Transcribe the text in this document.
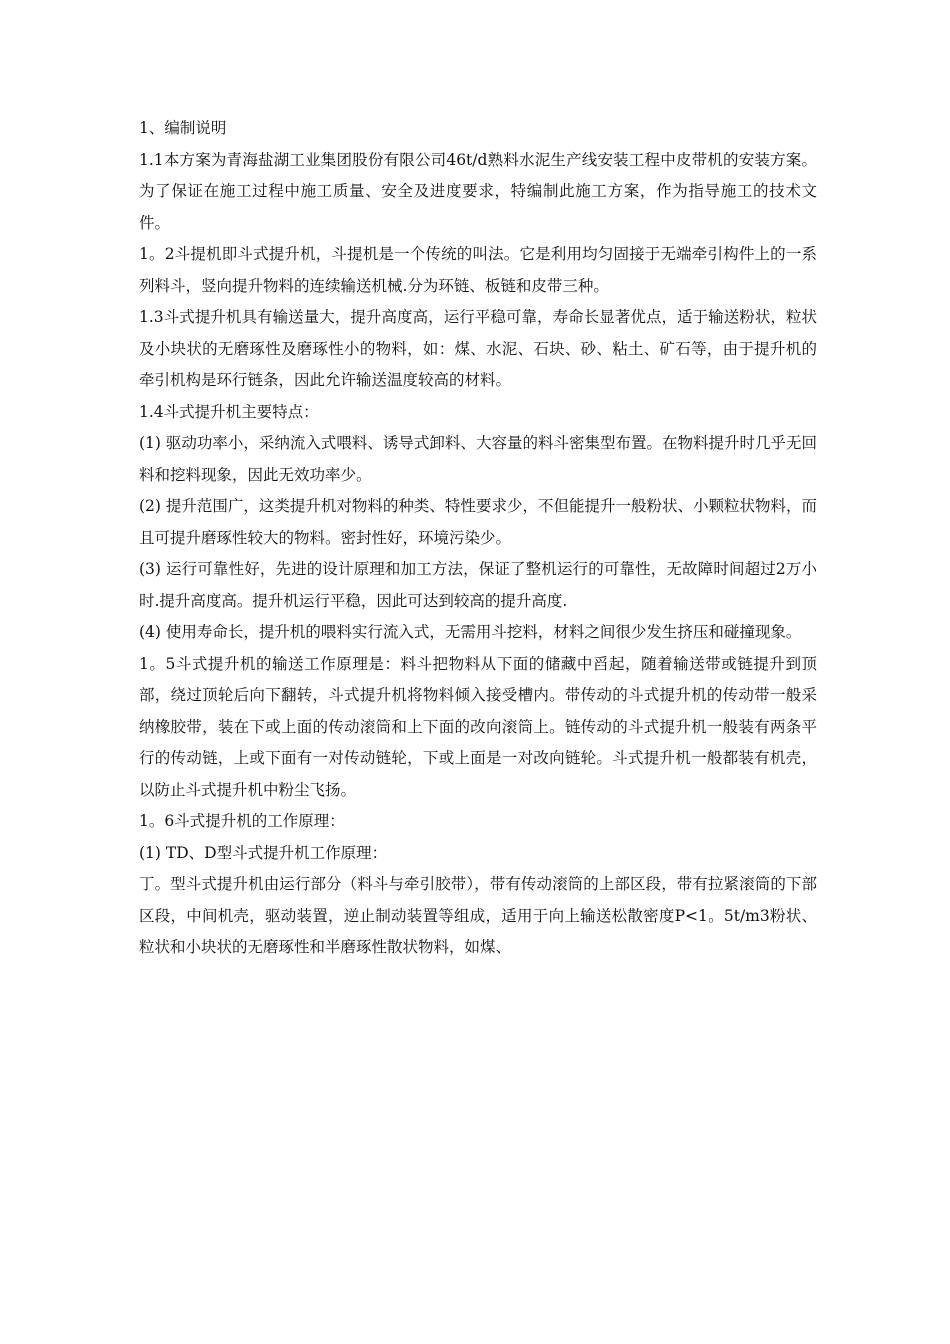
1、编制说明

1.1本方案为青海盐湖工业集团股份有限公司46t/d熟料水泥生产线安装工程中皮带机的安装方案。为了保证在施工过程中施工质量、安全及进度要求，特编制此施工方案，作为指导施工的技术文件。

1。2斗提机即斗式提升机，斗提机是一个传统的叫法。它是利用均匀固接于无端牵引构件上的一系列料斗，竖向提升物料的连续输送机械.分为环链、板链和皮带三种。

1.3斗式提升机具有输送量大，提升高度高，运行平稳可靠，寿命长显著优点，适于输送粉状，粒状及小块状的无磨琢性及磨琢性小的物料，如：煤、水泥、石块、砂、粘土、矿石等，由于提升机的牵引机构是环行链条，因此允许输送温度较高的材料。

1.4斗式提升机主要特点：

(1) 驱动功率小，采纳流入式喂料、诱导式卸料、大容量的料斗密集型布置。在物料提升时几乎无回料和挖料现象，因此无效功率少。

(2) 提升范围广，这类提升机对物料的种类、特性要求少，不但能提升一般粉状、小颗粒状物料，而且可提升磨琢性较大的物料。密封性好，环境污染少。

(3) 运行可靠性好，先进的设计原理和加工方法，保证了整机运行的可靠性，无故障时间超过2万小时.提升高度高。提升机运行平稳，因此可达到较高的提升高度.

(4) 使用寿命长，提升机的喂料实行流入式，无需用斗挖料，材料之间很少发生挤压和碰撞现象。

1。5斗式提升机的输送工作原理是：料斗把物料从下面的储藏中舀起，随着输送带或链提升到顶部，绕过顶轮后向下翻转，斗式提升机将物料倾入接受槽内。带传动的斗式提升机的传动带一般采纳橡胶带，装在下或上面的传动滚筒和上下面的改向滚筒上。链传动的斗式提升机一般装有两条平行的传动链，上或下面有一对传动链轮，下或上面是一对改向链轮。斗式提升机一般都装有机壳，以防止斗式提升机中粉尘飞扬。

1。6斗式提升机的工作原理：

(1) TD、D型斗式提升机工作原理：

丁。型斗式提升机由运行部分（料斗与牵引胶带），带有传动滚筒的上部区段，带有拉紧滚筒的下部区段，中间机壳，驱动装置，逆止制动装置等组成，适用于向上输送松散密度P<1。5t/m3粉状、粒状和小块状的无磨琢性和半磨琢性散状物料，如煤、
